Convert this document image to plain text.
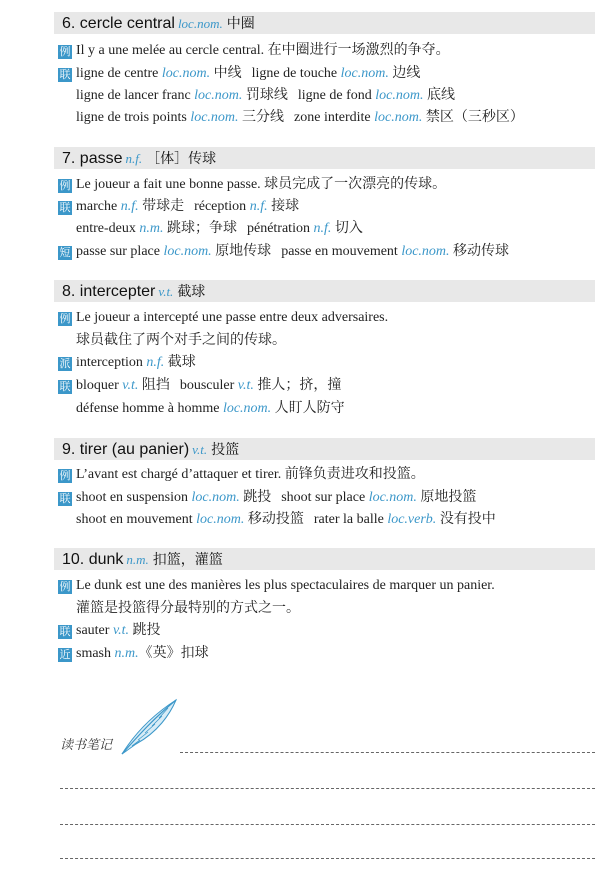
6. cercle central loc.nom. 中圈
例 Il y a une melée au cercle central. 在中圈进行一场激烈的争夺。
联 ligne de centre loc.nom. 中线 ligne de touche loc.nom. 边线
ligne de lancer franc loc.nom. 罚球线 ligne de fond loc.nom. 底线
ligne de trois points loc.nom. 三分线 zone interdite loc.nom. 禁区（三秒区）
7. passe n.f. ［体］传球
例 Le joueur a fait une bonne passe. 球员完成了一次漂亮的传球。
联 marche n.f. 带球走 réception n.f. 接球
entre-deux n.m. 跳球；争球 pénétration n.f. 切入
短 passe sur place loc.nom. 原地传球 passe en mouvement loc.nom. 移动传球
8. intercepter v.t. 截球
例 Le joueur a intercepté une passe entre deux adversaires.
球员截住了两个对手之间的传球。
派 interception n.f. 截球
联 bloquer v.t. 阻挡 bousculer v.t. 推人；挤，撞
défense homme à homme loc.nom. 人盯人防守
9. tirer (au panier) v.t. 投篮
例 L’avant est chargé d’attaquer et tirer. 前锋负责进攻和投篮。
联 shoot en suspension loc.nom. 跳投 shoot sur place loc.nom. 原地投篮
shoot en mouvement loc.nom. 移动投篮 rater la balle loc.verb. 没有投中
10. dunk n.m. 扣篮，灌篮
例 Le dunk est une des manières les plus spectaculaires de marquer un panier.
灌篮是投篮得分最特别的方式之一。
联 sauter v.t. 跳投
近 smash n.m.《英》扣球
读书笔记
